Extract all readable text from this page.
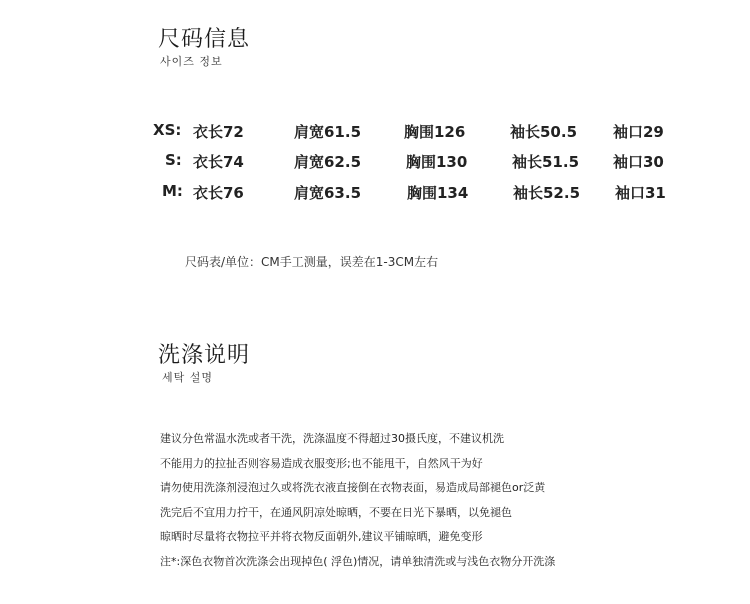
尺码信息
사이즈 정보
XS: 衣长72	肩宽61.5	胸围126	袖长50.5 袖口29
S: 衣长74	肩宽62.5	胸围130	袖长51.5 袖口30
M: 衣长76	肩宽63.5	胸围134	袖长52.5 袖口31
尺码表/单位：CM手工测量，误差在1-3CM左右
洗涤说明
세탁 설명
建议分色常温水洗或者干洗，洗涤温度不得超过30摄氏度，不建议机洗
不能用力的拉扯否则容易造成衣服变形;也不能甩干，自然风干为好
请勿使用洗涤剂浸泡过久或将洗衣液直接倒在衣物表面，易造成局部褪色or泛黄
洗完后不宜用力拧干，在通风阴凉处晾晒，不要在日光下暴晒，以免褪色
晾晒时尽量将衣物拉平并将衣物反面朝外,建议平铺晾晒，避免变形
注*:深色衣物首次洗涤会出现掉色( 浮色)情况，请单独清洗或与浅色衣物分开洗涤
